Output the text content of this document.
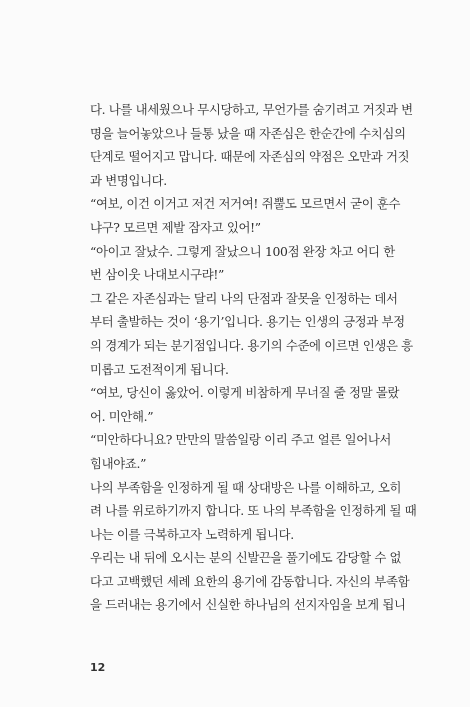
다. 나를 내세웠으나 무시당하고, 무언가를 숨기려고 거짓과 변
명을 늘어놓았으나 들통 났을 때 자존심은 한순간에 수치심의
단계로 떨어지고 맙니다. 때문에 자존심의 약점은 오만과 거짓
과 변명입니다.
“여보, 이건 이거고 저건 저거여! 쥐뿔도 모르면서 굳이 훈수
냐구? 모르면 제발 잠자고 있어!”
“아이고 잘났수. 그렇게 잘났으니 100점 완장 차고 어디 한
번 삼이웃 나대보시구랴!”
그 같은 자존심과는 달리 나의 단점과 잘못을 인정하는 데서
부터 출발하는 것이 ‘용기’입니다. 용기는 인생의 긍정과 부정
의 경계가 되는 분기점입니다. 용기의 수준에 이르면 인생은 흥
미롭고 도전적이게 됩니다.
“여보, 당신이 옳았어. 이렇게 비참하게 무너질 줄 정말 몰랐
어. 미안해.”
“미안하다니요? 만만의 말씀일랑 이리 주고 얼른 일어나서
힘내야죠.”
나의 부족함을 인정하게 될 때 상대방은 나를 이해하고, 오히
려 나를 위로하기까지 합니다. 또 나의 부족함을 인정하게 될 때
나는 이를 극복하고자 노력하게 됩니다.
우리는 내 뒤에 오시는 분의 신발끈을 풀기에도 감당할 수 없
다고 고백했던 세례 요한의 용기에 감동합니다. 자신의 부족함
을 드러내는 용기에서 신실한 하나님의 선지자임을 보게 됩니
12
